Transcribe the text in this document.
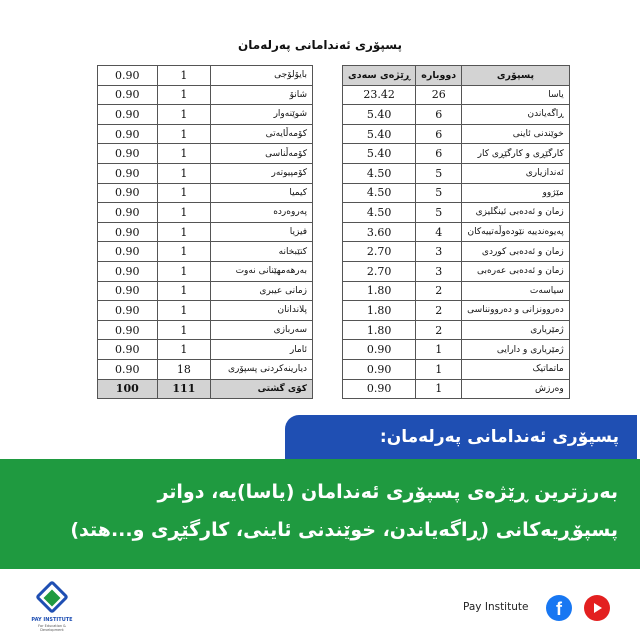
پسپۆری ئەندامانی پەرلەمان
0.90	1	بایۆلۆجی
0.90	1	شانۆ
0.90	1	شوێنەوار
0.90	1	کۆمەڵایەتی
0.90	1	کۆمەڵناسی
0.90	1	کۆمپیوتەر
0.90	1	کیمیا
0.90	1	پەروەردە
0.90	1	فیزیا
0.90	1	کتێبخانە
0.90	1	بەرهەمهێنانی نەوت
0.90	1	زمانی عیبری
0.90	1	پلاندانان
0.90	1	سەربازی
0.90	1	ئامار
0.90	18	دیارینەکردنی پسپۆری
100	111	کۆی گشتی
ڕێژەی سەدی	دووبارە	پسپۆری
23.42	26	یاسا
5.40	6	ڕاگەیاندن
5.40	6	خوێندنی ئاینی
5.40	6	کارگێڕی و کارگێڕی کار
4.50	5	ئەندازیاری
4.50	5	مێژوو
4.50	5	زمان و ئەدەبی ئینگلیزی
3.60	4	پەیوەندییە نێودەوڵەتییەکان
2.70	3	زمان و ئەدەبی کوردی
2.70	3	زمان و ئەدەبی عەرەبی
1.80	2	سیاسەت
1.80	2	دەروونزانی و دەروونناسی
1.80	2	ژمێریاری
0.90	1	ژمێریاری و دارایی
0.90	1	ماتماتیک
0.90	1	وەرزش
پسپۆری ئەندامانی پەرلەمان:
بەرزترین ڕێژەی پسپۆری ئەندامان (یاسا)یە، دواتر
پسپۆڕیەکانی (ڕاگەیاندن، خوێندنی ئاینی، کارگێڕی و...هتد)
PAY INSTITUTE
For Education & Development
Pay Institute	f
